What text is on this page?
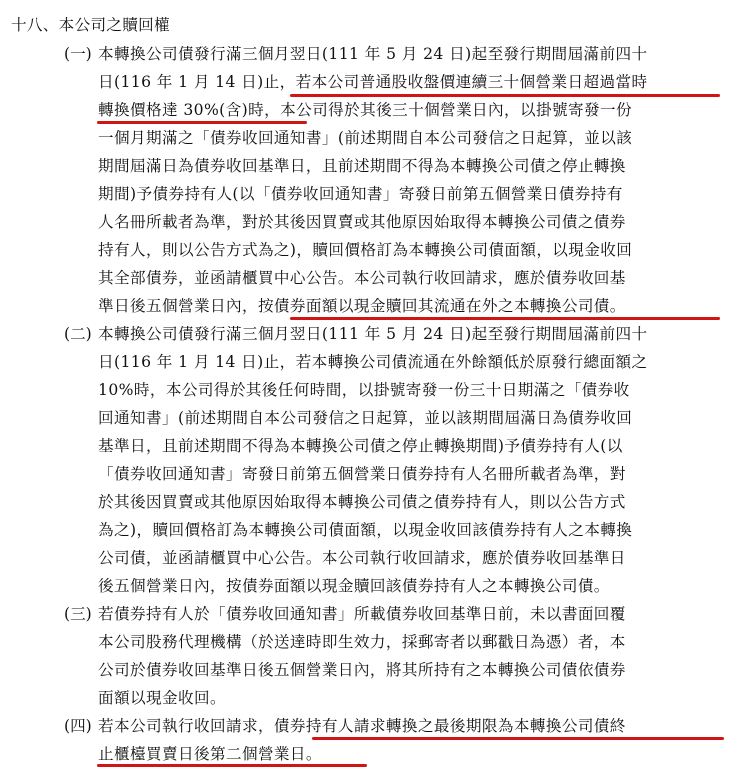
十八、本公司之贖回權
(一) 本轉換公司債發行滿三個月翌日(111 年 5 月 24 日)起至發行期間屆滿前四十
日(116 年 1 月 14 日)止，若本公司普通股收盤價連續三十個營業日超過當時
轉換價格達 30%(含)時，本公司得於其後三十個營業日內，以掛號寄發一份
一個月期滿之「債券收回通知書」(前述期間自本公司發信之日起算，並以該
期間屆滿日為債券收回基準日，且前述期間不得為本轉換公司債之停止轉換
期間)予債券持有人(以「債券收回通知書」寄發日前第五個營業日債券持有
人名冊所載者為準，對於其後因買賣或其他原因始取得本轉換公司債之債券
持有人，則以公告方式為之)，贖回價格訂為本轉換公司債面額，以現金收回
其全部債券，並函請櫃買中心公告。本公司執行收回請求，應於債券收回基
準日後五個營業日內，按債券面額以現金贖回其流通在外之本轉換公司債。
(二) 本轉換公司債發行滿三個月翌日(111 年 5 月 24 日)起至發行期間屆滿前四十
日(116 年 1 月 14 日)止，若本轉換公司債流通在外餘額低於原發行總面額之
10%時，本公司得於其後任何時間，以掛號寄發一份三十日期滿之「債券收
回通知書」(前述期間自本公司發信之日起算，並以該期間屆滿日為債券收回
基準日，且前述期間不得為本轉換公司債之停止轉換期間)予債券持有人(以
「債券收回通知書」寄發日前第五個營業日債券持有人名冊所載者為準，對
於其後因買賣或其他原因始取得本轉換公司債之債券持有人，則以公告方式
為之)，贖回價格訂為本轉換公司債面額，以現金收回該債券持有人之本轉換
公司債，並函請櫃買中心公告。本公司執行收回請求，應於債券收回基準日
後五個營業日內，按債券面額以現金贖回該債券持有人之本轉換公司債。
(三) 若債券持有人於「債券收回通知書」所載債券收回基準日前，未以書面回覆
本公司股務代理機構（於送達時即生效力，採郵寄者以郵戳日為憑）者，本
公司於債券收回基準日後五個營業日內，將其所持有之本轉換公司債依債券
面額以現金收回。
(四) 若本公司執行收回請求，債券持有人請求轉換之最後期限為本轉換公司債終
止櫃檯買賣日後第二個營業日。
